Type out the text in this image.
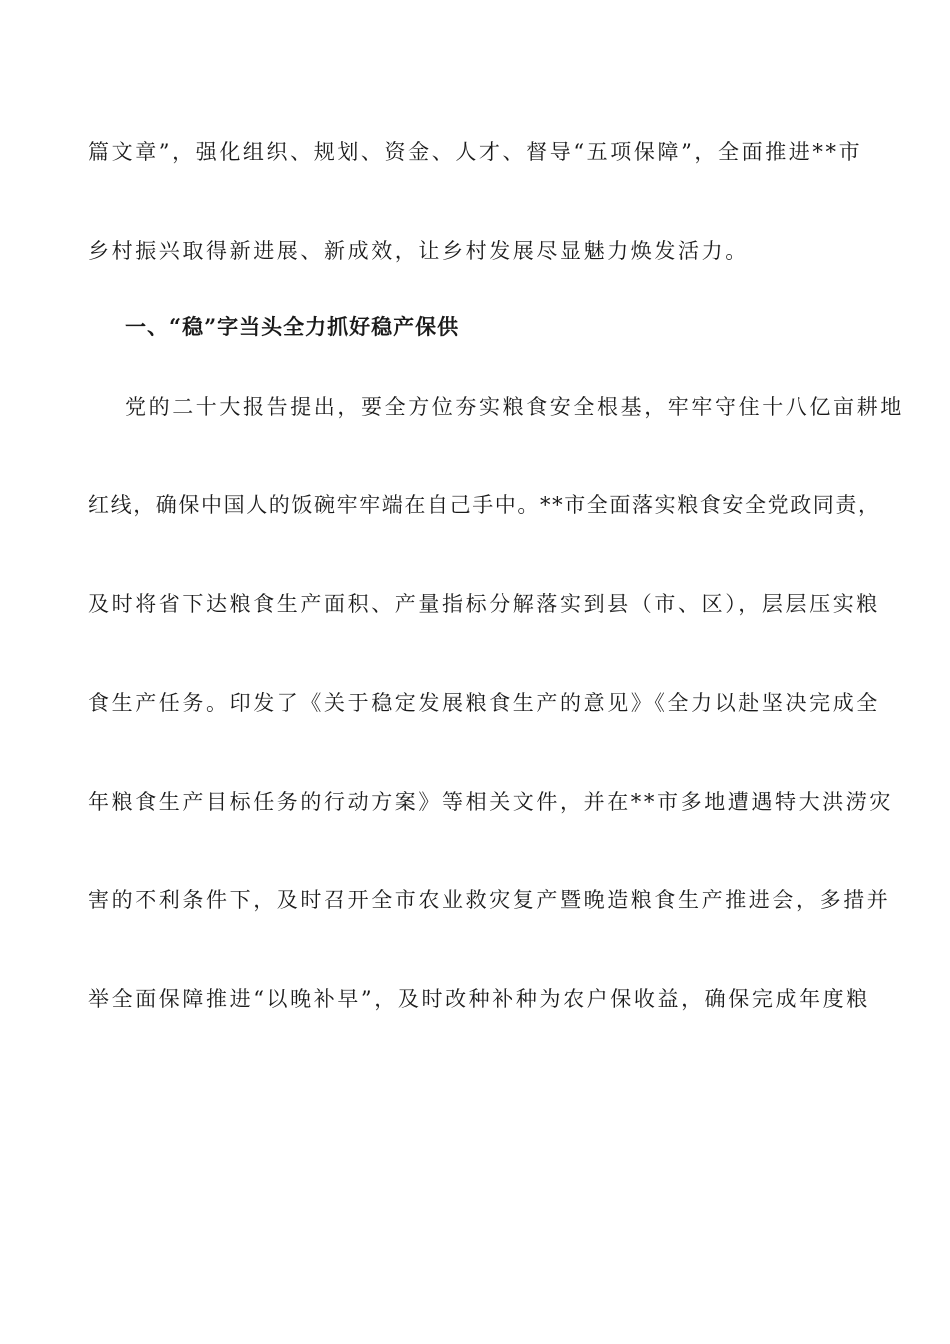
篇文章”，强化组织、规划、资金、人才、督导“五项保障”，全面推进**市
乡村振兴取得新进展、新成效，让乡村发展尽显魅力焕发活力。
一、“稳”字当头全力抓好稳产保供
党的二十大报告提出，要全方位夯实粮食安全根基，牢牢守住十八亿亩耕地
红线，确保中国人的饭碗牢牢端在自己手中。**市全面落实粮食安全党政同责，
及时将省下达粮食生产面积、产量指标分解落实到县（市、区），层层压实粮
食生产任务。印发了《关于稳定发展粮食生产的意见》《全力以赴坚决完成全
年粮食生产目标任务的行动方案》等相关文件，并在**市多地遭遇特大洪涝灾
害的不利条件下，及时召开全市农业救灾复产暨晚造粮食生产推进会，多措并
举全面保障推进“以晚补早”，及时改种补种为农户保收益，确保完成年度粮
